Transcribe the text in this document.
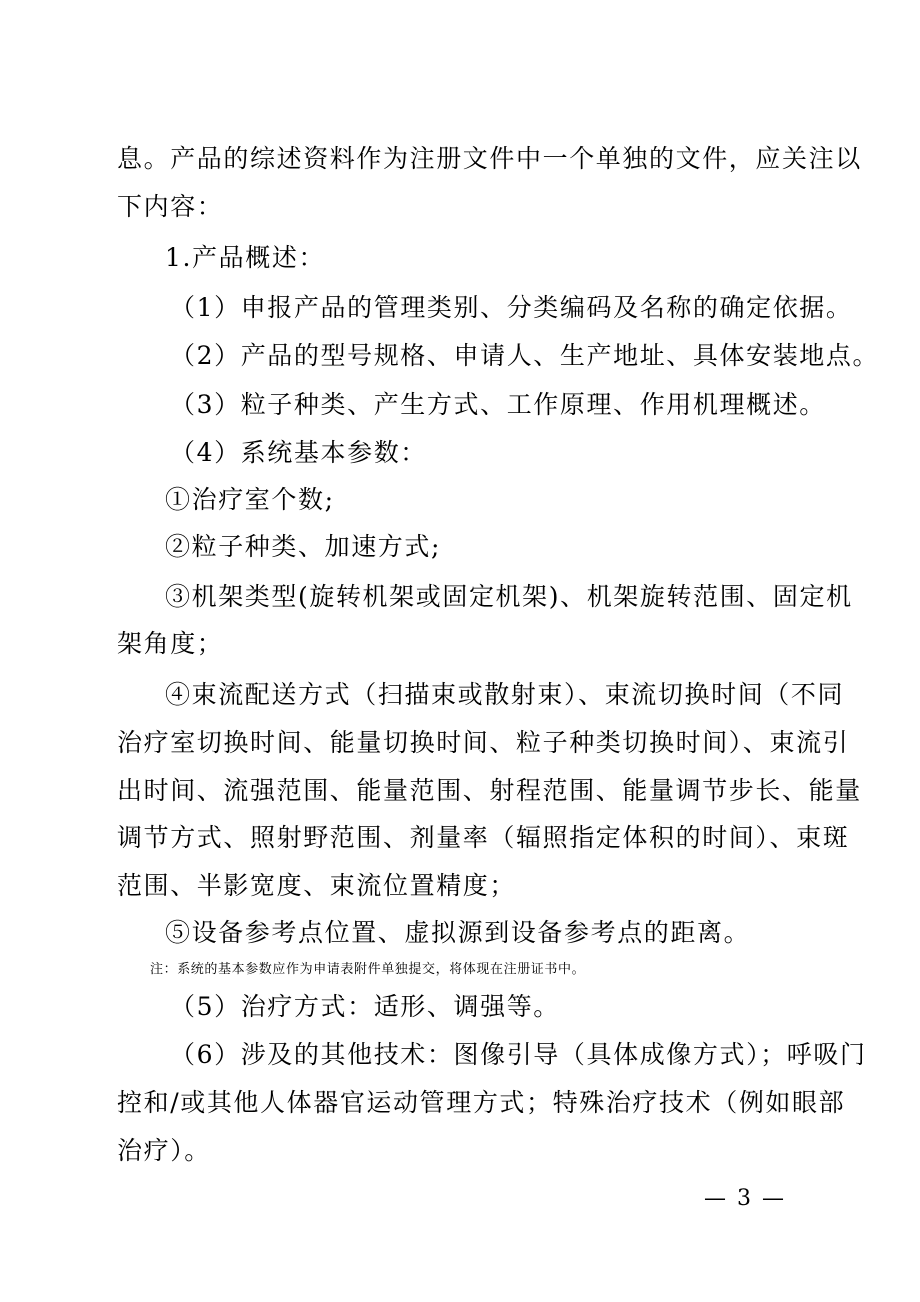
息。产品的综述资料作为注册文件中一个单独的文件，应关注以
下内容：
1.产品概述：
（1）申报产品的管理类别、分类编码及名称的确定依据。
（2）产品的型号规格、申请人、生产地址、具体安装地点。
（3）粒子种类、产生方式、工作原理、作用机理概述。
（4）系统基本参数：
①治疗室个数;
②粒子种类、加速方式;
③机架类型(旋转机架或固定机架)、机架旋转范围、固定机
架角度；
④束流配送方式（扫描束或散射束）、束流切换时间（不同
治疗室切换时间、能量切换时间、粒子种类切换时间）、束流引
出时间、流强范围、能量范围、射程范围、能量调节步长、能量
调节方式、照射野范围、剂量率（辐照指定体积的时间）、束斑
范围、半影宽度、束流位置精度；
⑤设备参考点位置、虚拟源到设备参考点的距离。
注：系统的基本参数应作为申请表附件单独提交，将体现在注册证书中。
（5）治疗方式：适形、调强等。
（6）涉及的其他技术：图像引导（具体成像方式）；呼吸门
控和/或其他人体器官运动管理方式；特殊治疗技术（例如眼部
治疗）。
— 3 —
